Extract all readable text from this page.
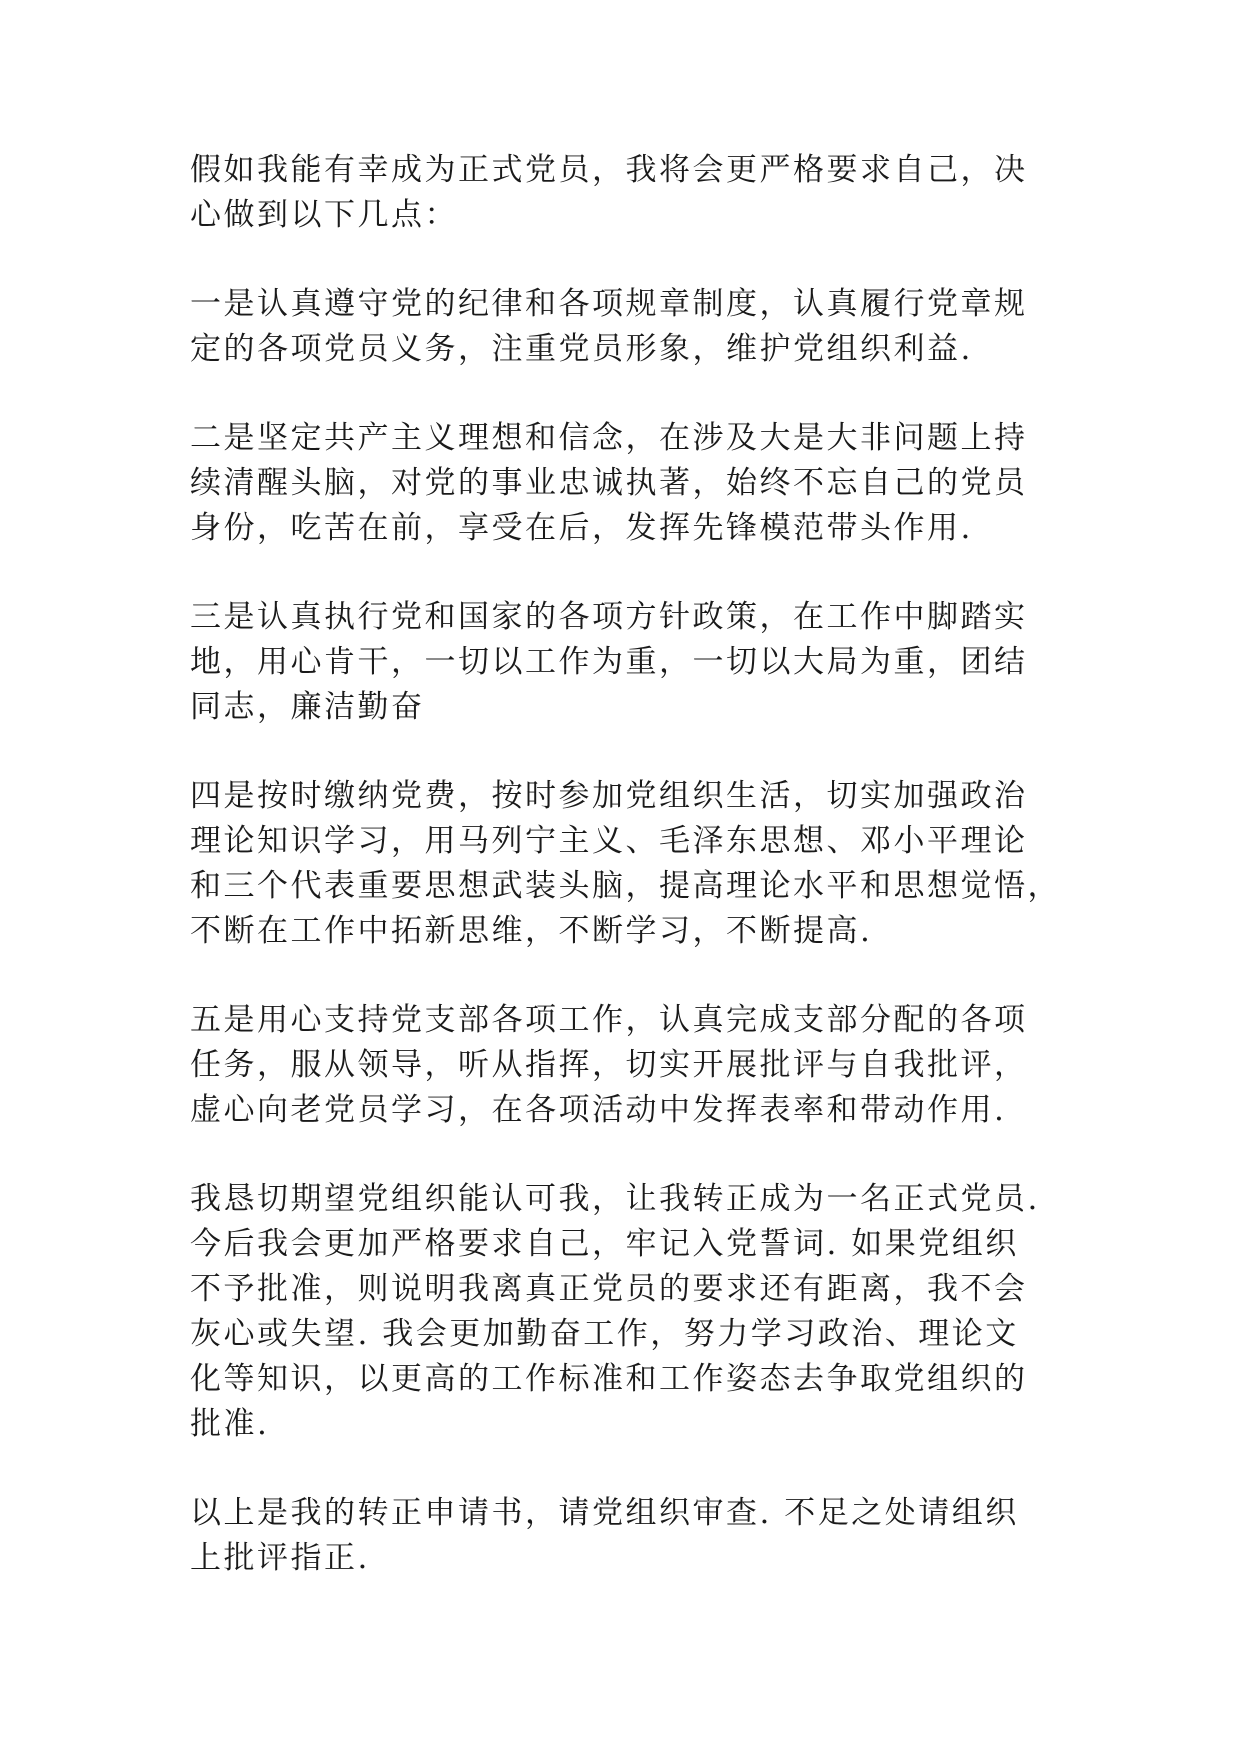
假如我能有幸成为正式党员，我将会更严格要求自己，决
心做到以下几点：

一是认真遵守党的纪律和各项规章制度，认真履行党章规
定的各项党员义务，注重党员形象，维护党组织利益.

二是坚定共产主义理想和信念，在涉及大是大非问题上持
续清醒头脑，对党的事业忠诚执著，始终不忘自己的党员
身份，吃苦在前，享受在后，发挥先锋模范带头作用.

三是认真执行党和国家的各项方针政策，在工作中脚踏实
地，用心肯干，一切以工作为重，一切以大局为重，团结
同志，廉洁勤奋

四是按时缴纳党费，按时参加党组织生活，切实加强政治
理论知识学习，用马列宁主义、毛泽东思想、邓小平理论
和三个代表重要思想武装头脑，提高理论水平和思想觉悟，
不断在工作中拓新思维，不断学习，不断提高.

五是用心支持党支部各项工作，认真完成支部分配的各项
任务，服从领导，听从指挥，切实开展批评与自我批评，
虚心向老党员学习，在各项活动中发挥表率和带动作用.

我恳切期望党组织能认可我，让我转正成为一名正式党员.
今后我会更加严格要求自己，牢记入党誓词. 如果党组织
不予批准，则说明我离真正党员的要求还有距离，我不会
灰心或失望. 我会更加勤奋工作，努力学习政治、理论文
化等知识，以更高的工作标准和工作姿态去争取党组织的
批准.

以上是我的转正申请书，请党组织审查. 不足之处请组织
上批评指正.
